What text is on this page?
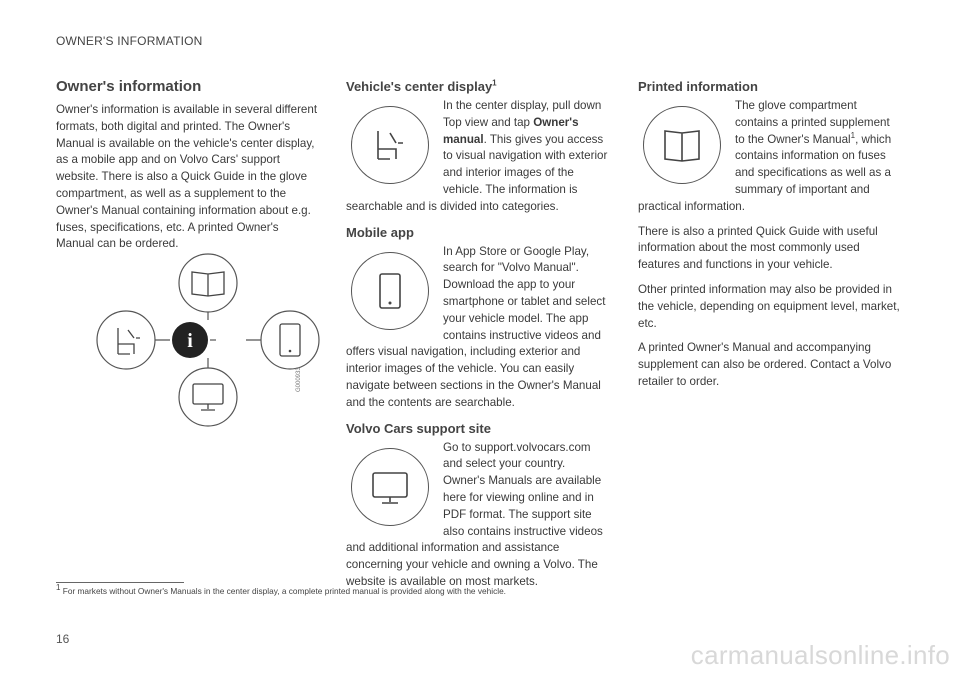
OWNER'S INFORMATION
Owner's information

Owner's information is available in several different formats, both digital and printed. The Owner's Manual is available on the vehicle's center display, as a mobile app and on Volvo Cars' support website. There is also a Quick Guide in the glove compartment, as well as a supplement to the Owner's Manual containing information about e.g. fuses, specifications, etc. A printed Owner's Manual can be ordered.

i
G000933
Vehicle's center display$^1$

In the center display, pull down Top view and tap Owner's manual. This gives you access to visual navigation with exterior and interior images of the vehicle. The information is searchable and is divided into categories.

Mobile app

In App Store or Google Play, search for "Volvo Manual". Download the app to your smartphone or tablet and select your vehicle model. The app contains instructive videos and offers visual navigation, including exterior and interior images of the vehicle. You can easily navigate between sections in the Owner's Manual and the contents are searchable.

Volvo Cars support site

Go to support.volvocars.com and select your country. Owner's Manuals are available here for viewing online and in PDF format. The support site also contains instructive videos and additional information and assistance concerning your vehicle and owning a Volvo. The website is available on most markets.

Printed information

The glove compartment contains a printed supplement to the Owner's Manual$^1$, which contains information on fuses and specifications as well as a summary of important and practical information.

There is also a printed Quick Guide with useful information about the most commonly used features and functions in your vehicle.

Other printed information may also be provided in the vehicle, depending on equipment level, market, etc.

A printed Owner's Manual and accompanying supplement can also be ordered. Contact a Volvo retailer to order.

$^1$ For markets without Owner's Manuals in the center display, a complete printed manual is provided along with the vehicle.
16
carmanualsonline.info
